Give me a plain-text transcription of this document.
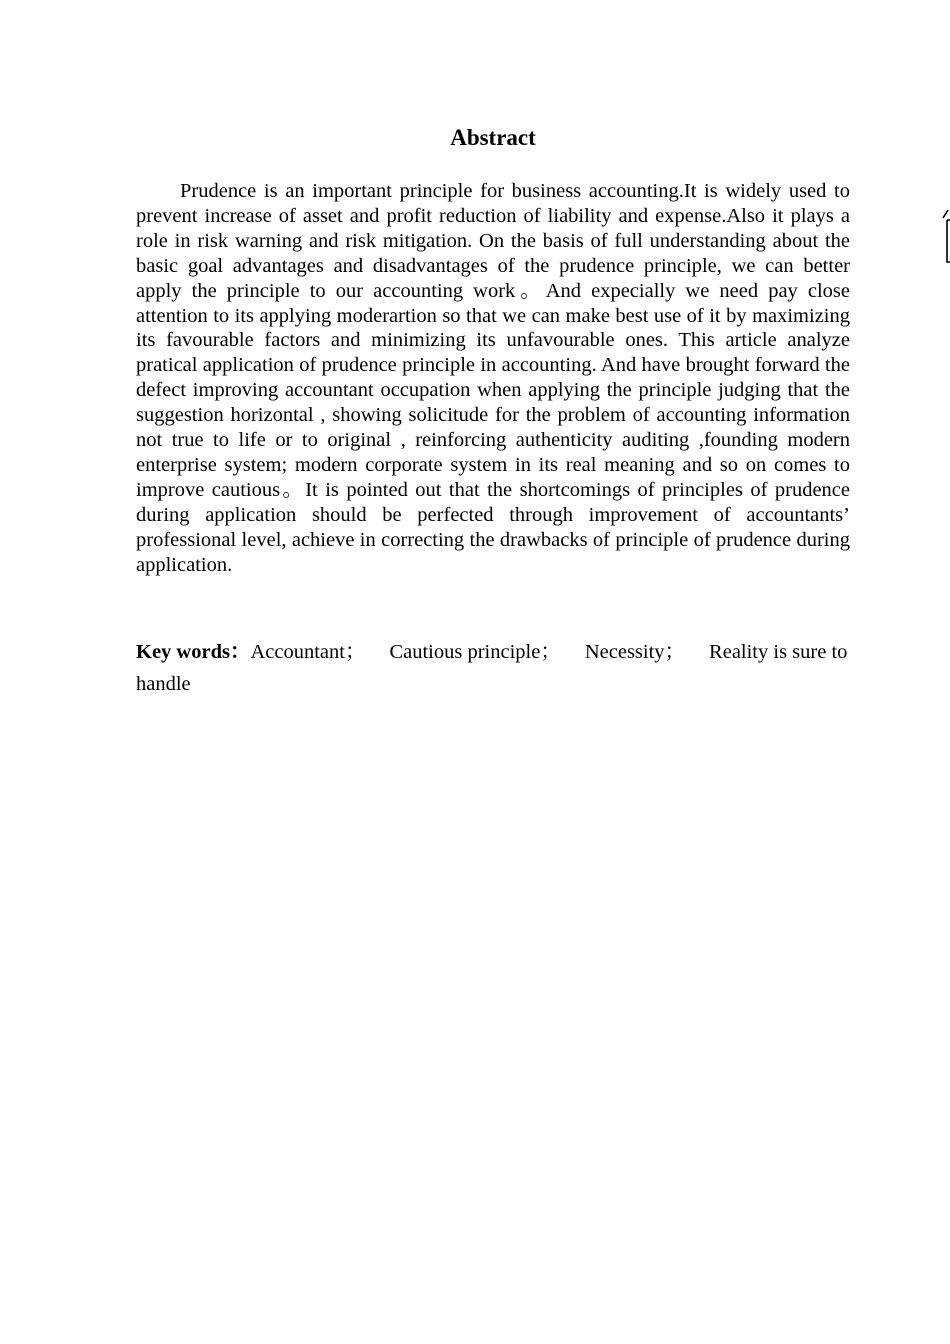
Abstract

Prudence is an important principle for business accounting.It is widely used to prevent increase of asset and profit reduction of liability and expense.Also it plays a role in risk warning and risk mitigation. On the basis of full understanding about the basic goal advantages and disadvantages of the prudence principle, we can better apply the principle to our accounting work。And expecially we need pay close attention to its applying moderartion so that we can make best use of it by maximizing its favourable factors and minimizing its unfavourable ones. This article analyze pratical application of prudence principle in accounting. And have brought forward the defect improving accountant occupation when applying the principle judging that the suggestion horizontal , showing solicitude for the problem of accounting information not true to life or to original , reinforcing authenticity auditing ,founding modern enterprise system; modern corporate system in its real meaning and so on comes to improve cautious。It is pointed out that the shortcomings of principles of prudence during application should be perfected through improvement of accountants’ professional level, achieve in correcting the drawbacks of principle of prudence during application.

Key words：Accountant； Cautious principle； Necessity； Reality is sure to handle
